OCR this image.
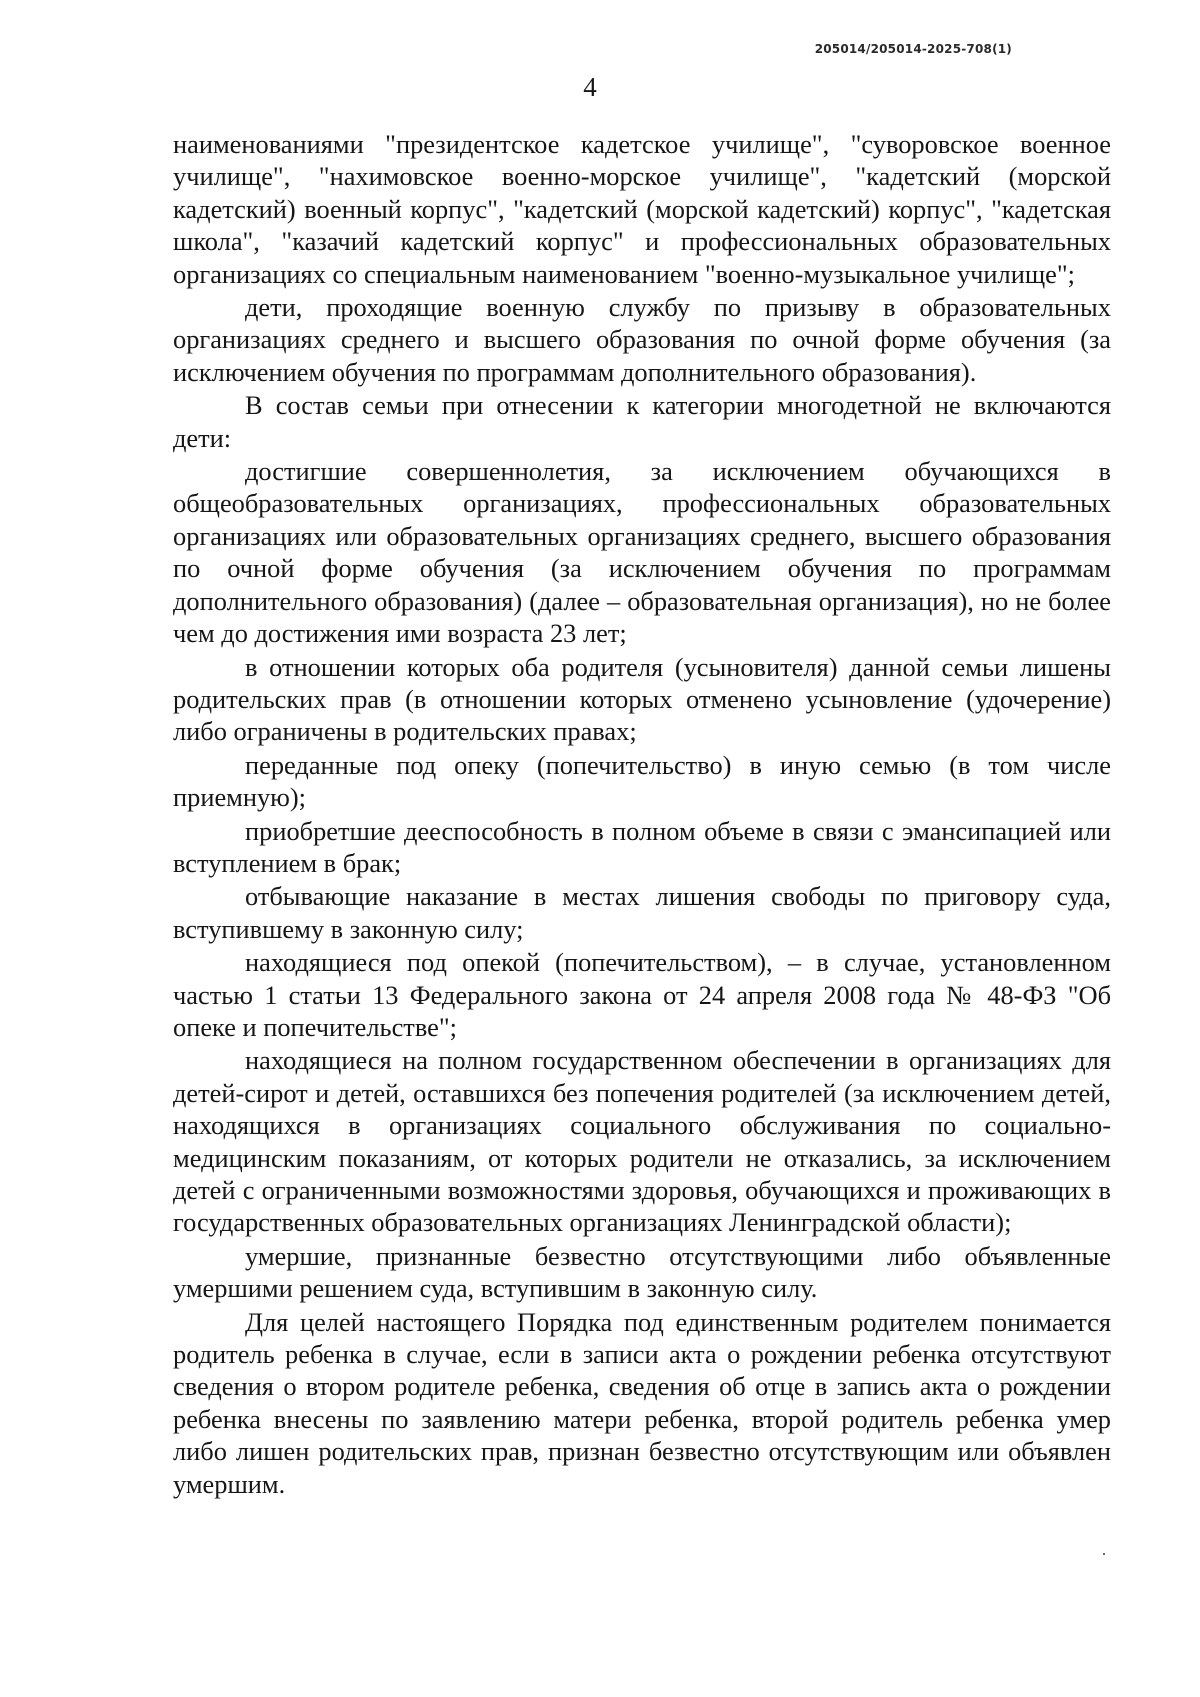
205014/205014-2025-708(1)
4

наименованиями "президентское кадетское училище", "суворовское военное училище", "нахимовское военно-морское училище", "кадетский (морской кадетский) военный корпус", "кадетский (морской кадетский) корпус", "кадетская школа", "казачий кадетский корпус" и профессиональных образовательных организациях со специальным наименованием "военно-музыкальное училище";

дети, проходящие военную службу по призыву в образовательных организациях среднего и высшего образования по очной форме обучения (за исключением обучения по программам дополнительного образования).

В состав семьи при отнесении к категории многодетной не включаются дети:

достигшие совершеннолетия, за исключением обучающихся в общеобразовательных организациях, профессиональных образовательных организациях или образовательных организациях среднего, высшего образования по очной форме обучения (за исключением обучения по программам дополнительного образования) (далее – образовательная организация), но не более чем до достижения ими возраста 23 лет;

в отношении которых оба родителя (усыновителя) данной семьи лишены родительских прав (в отношении которых отменено усыновление (удочерение) либо ограничены в родительских правах;

переданные под опеку (попечительство) в иную семью (в том числе приемную);

приобретшие дееспособность в полном объеме в связи с эмансипацией или вступлением в брак;

отбывающие наказание в местах лишения свободы по приговору суда, вступившему в законную силу;

находящиеся под опекой (попечительством), – в случае, установленном частью 1 статьи 13 Федерального закона от 24 апреля 2008 года № 48-ФЗ "Об опеке и попечительстве";

находящиеся на полном государственном обеспечении в организациях для детей-сирот и детей, оставшихся без попечения родителей (за исключением детей, находящихся в организациях социального обслуживания по социально-медицинским показаниям, от которых родители не отказались, за исключением детей с ограниченными возможностями здоровья, обучающихся и проживающих в государственных образовательных организациях Ленинградской области);

умершие, признанные безвестно отсутствующими либо объявленные умершими решением суда, вступившим в законную силу.

Для целей настоящего Порядка под единственным родителем понимается родитель ребенка в случае, если в записи акта о рождении ребенка отсутствуют сведения о втором родителе ребенка, сведения об отце в запись акта о рождении ребенка внесены по заявлению матери ребенка, второй родитель ребенка умер либо лишен родительских прав, признан безвестно отсутствующим или объявлен умершим.
